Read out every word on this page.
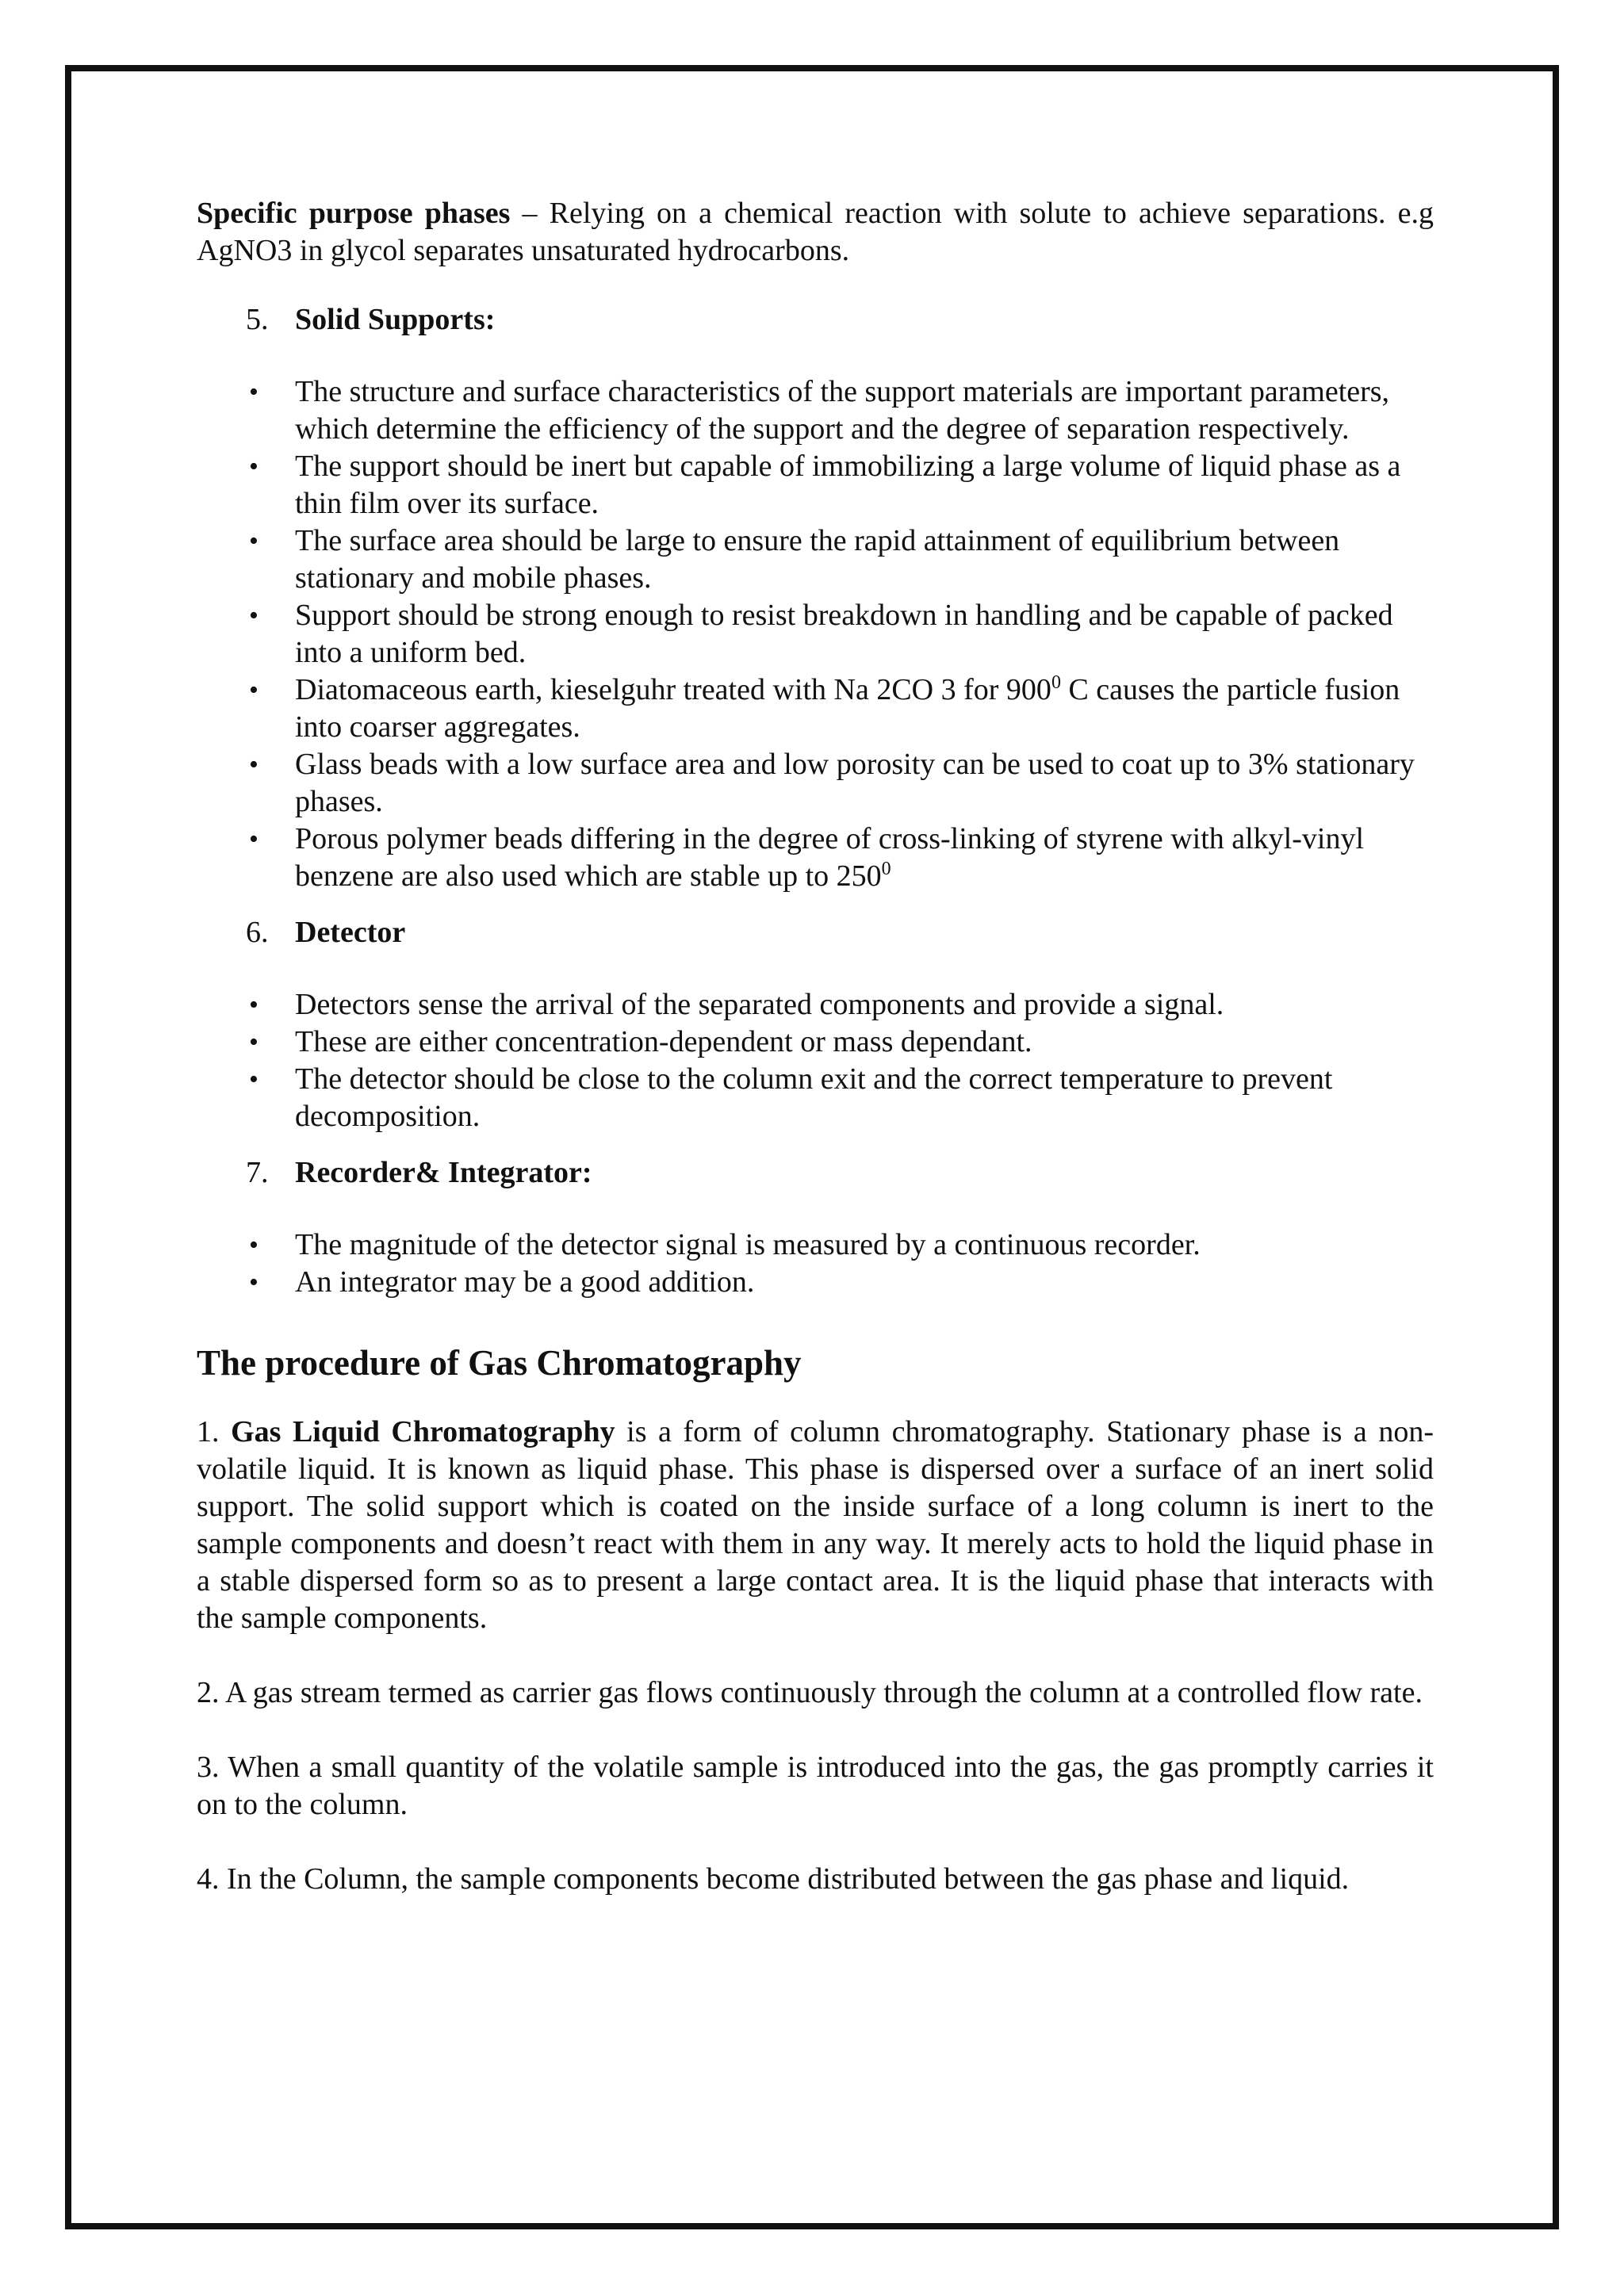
Specific purpose phases – Relying on a chemical reaction with solute to achieve separations. e.g AgNO3 in glycol separates unsaturated hydrocarbons.

5. Solid Supports:
• The structure and surface characteristics of the support materials are important parameters, which determine the efficiency of the support and the degree of separation respectively.
• The support should be inert but capable of immobilizing a large volume of liquid phase as a thin film over its surface.
• The surface area should be large to ensure the rapid attainment of equilibrium between stationary and mobile phases.
• Support should be strong enough to resist breakdown in handling and be capable of packed into a uniform bed.
• Diatomaceous earth, kieselguhr treated with Na 2CO 3 for $900^0$ C causes the particle fusion into coarser aggregates.
• Glass beads with a low surface area and low porosity can be used to coat up to 3% stationary phases.
• Porous polymer beads differing in the degree of cross-linking of styrene with alkyl-vinyl benzene are also used which are stable up to $250^0$
6. Detector
• Detectors sense the arrival of the separated components and provide a signal.
• These are either concentration-dependent or mass dependant.
• The detector should be close to the column exit and the correct temperature to prevent decomposition.
7. Recorder& Integrator:
• The magnitude of the detector signal is measured by a continuous recorder.
• An integrator may be a good addition.
The procedure of Gas Chromatography

1. Gas Liquid Chromatography is a form of column chromatography. Stationary phase is a non-volatile liquid. It is known as liquid phase. This phase is dispersed over a surface of an inert solid support. The solid support which is coated on the inside surface of a long column is inert to the sample components and doesn’t react with them in any way. It merely acts to hold the liquid phase in a stable dispersed form so as to present a large contact area. It is the liquid phase that interacts with the sample components.

2. A gas stream termed as carrier gas flows continuously through the column at a controlled flow rate.

3. When a small quantity of the volatile sample is introduced into the gas, the gas promptly carries it on to the column.

4. In the Column, the sample components become distributed between the gas phase and liquid.
